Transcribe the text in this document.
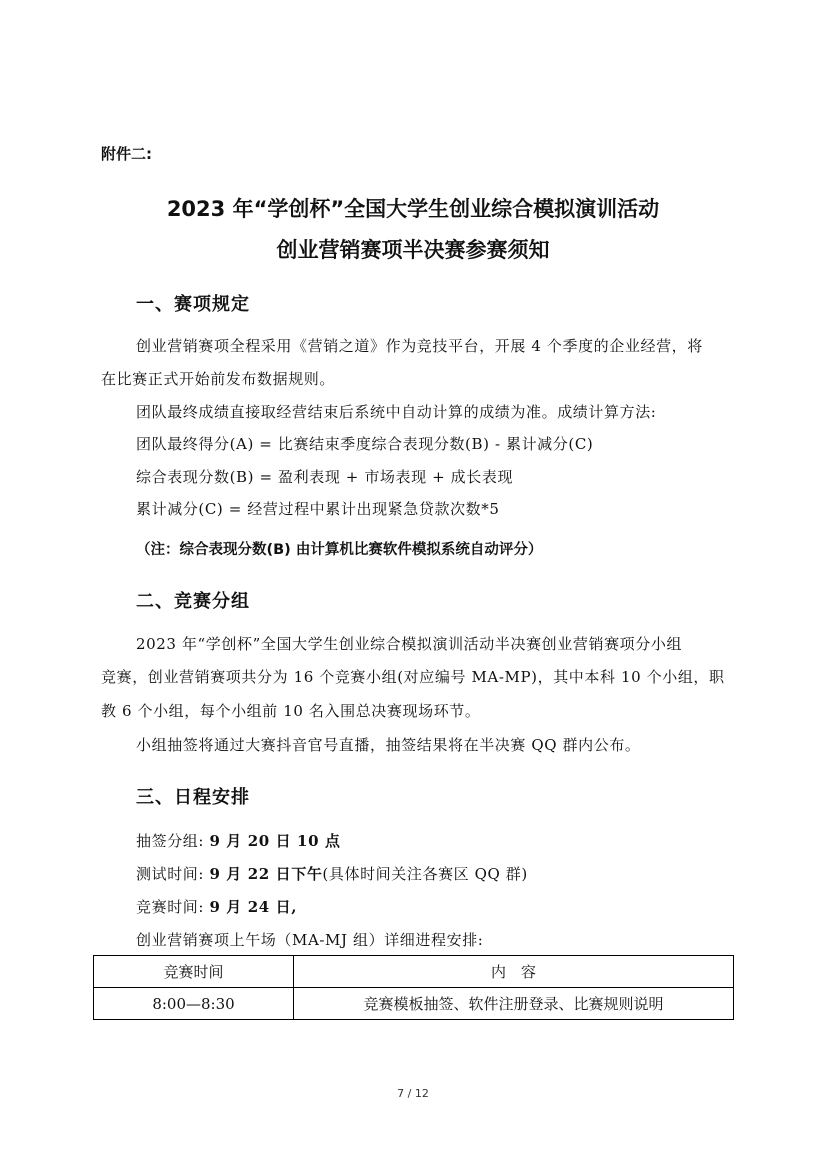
附件二:
2023 年“学创杯”全国大学生创业综合模拟演训活动
创业营销赛项半决赛参赛须知
一、赛项规定
创业营销赛项全程采用《营销之道》作为竞技平台，开展 4 个季度的企业经营，将
在比赛正式开始前发布数据规则。
团队最终成绩直接取经营结束后系统中自动计算的成绩为准。成绩计算方法:
团队最终得分(A) = 比赛结束季度综合表现分数(B) - 累计减分(C)
综合表现分数(B) = 盈利表现 + 市场表现 + 成长表现
累计减分(C) = 经营过程中累计出现紧急贷款次数*5
（注：综合表现分数(B) 由计算机比赛软件模拟系统自动评分）
二、竞赛分组
2023 年“学创杯”全国大学生创业综合模拟演训活动半决赛创业营销赛项分小组
竞赛，创业营销赛项共分为 16 个竞赛小组(对应编号 MA-MP)，其中本科 10 个小组，职
教 6 个小组，每个小组前 10 名入围总决赛现场环节。
小组抽签将通过大赛抖音官号直播，抽签结果将在半决赛 QQ 群内公布。
三、日程安排
抽签分组: 9 月 20 日 10 点
测试时间: 9 月 22 日下午(具体时间关注各赛区 QQ 群)
竞赛时间: 9 月 24 日,
创业营销赛项上午场（MA-MJ 组）详细进程安排:
竞赛时间	内　容
8:00—8:30	竞赛模板抽签、软件注册登录、比赛规则说明
7 / 12
